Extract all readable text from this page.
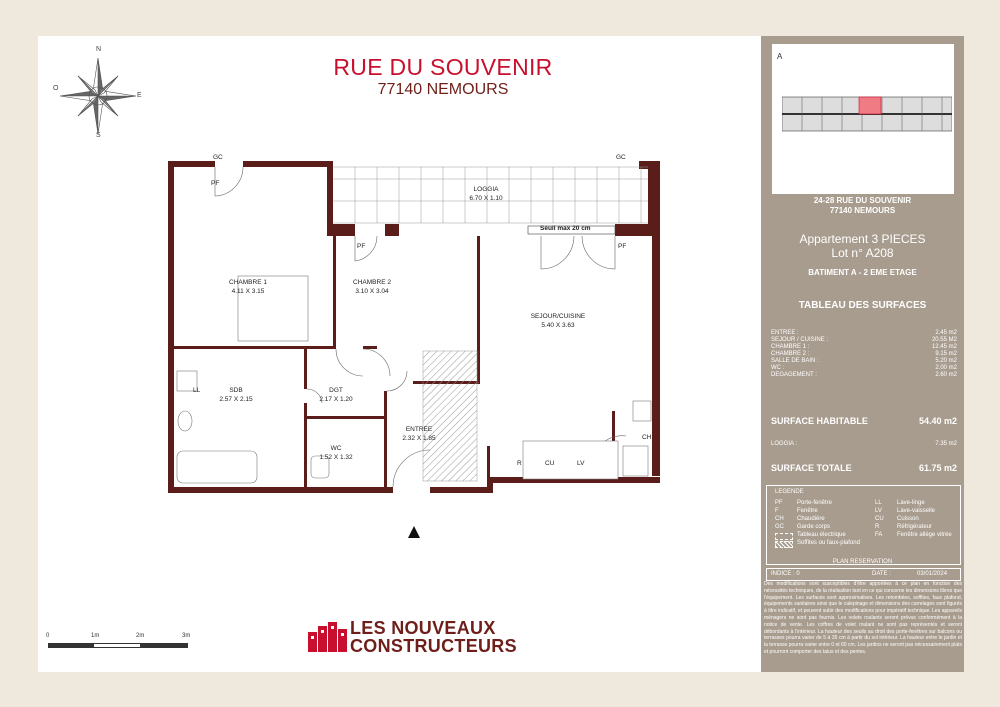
N
S
E
O
RUE DU SOUVENIR
77140 NEMOURS
LOGGIA
6.70 X 1.10
CHAMBRE 1
4.11 X 3.15
CHAMBRE 2
3.10 X 3.04
SEJOUR/CUISINE
5.40 X 3.63
SDB
2.57 X 2.15
DGT
2.17 X 1.20
WC
1.52 X 1.32
ENTREE
2.32 X 1.85
GC	GC
PF
PF	PF
Seuil max 20 cm
LL
CH
R	CU	LV
0	1m	2m	3m	LES NOUVEAUX
CONSTRUCTEURS
A
24-28 RUE DU SOUVENIR
77140 NEMOURS
Appartement 3 PIECES
Lot n° A208
BATIMENT A - 2 EME ETAGE
TABLEAU DES SURFACES
ENTREE :	2.45 m2
SEJOUR / CUISINE :	20.55 M2
CHAMBRE 1 :	12.45 m2
CHAMBRE 2 :	9.15 m2
SALLE DE BAIN :	5.20 m2
WC :	2.00 m2
DEGAGEMENT :	2.60 m2
SURFACE HABITABLE	54.40 m2
LOGGIA :	7.35 m2
SURFACE TOTALE	61.75 m2
LEGENDE
PF Porte-fenêtre
F	Fenêtre
CH Chaudière
GC Garde corps
Tableau électrique
Soffites ou faux-plafond
LL	Lave-linge
LV	Lave-vaisselle
CU Cuisson
R	Réfrigérateur
FA Fenêtre allège vitrée
PLAN RESERVATION
INDICE : 0	DATE :	03/01/2024
Des modifications sont susceptibles d'être apportées à ce plan en fonction des nécessités techniques, de la réalisation tant en ce qui concerne les dimensions libres que l'équipement. Les surfaces sont approximatives. Les retombées, soffites, faux plafond, équipements sanitaires ainsi que le calepinage et dimensions des carrelages sont figurés à titre indicatif, et peuvent subir des modifications pour impératif technique. Les appareils ménagers ne sont pas fournis. Les volets roulants seront prévus conformément à la notice de vente. Les coffres de volet roulant ne sont pas représentés et seront débordants à l'intérieur. La hauteur des seuils au droit des porte-fenêtres sur balcons ou terrasses pourra varier de 5 à 35 cm à partir du sol intérieur. La hauteur entre le jardin et la terrasse pourra varier entre 0 et 60 cm. Les jardins ne seront pas nécessairement plats et pourront comporter des talus et des pentes.
